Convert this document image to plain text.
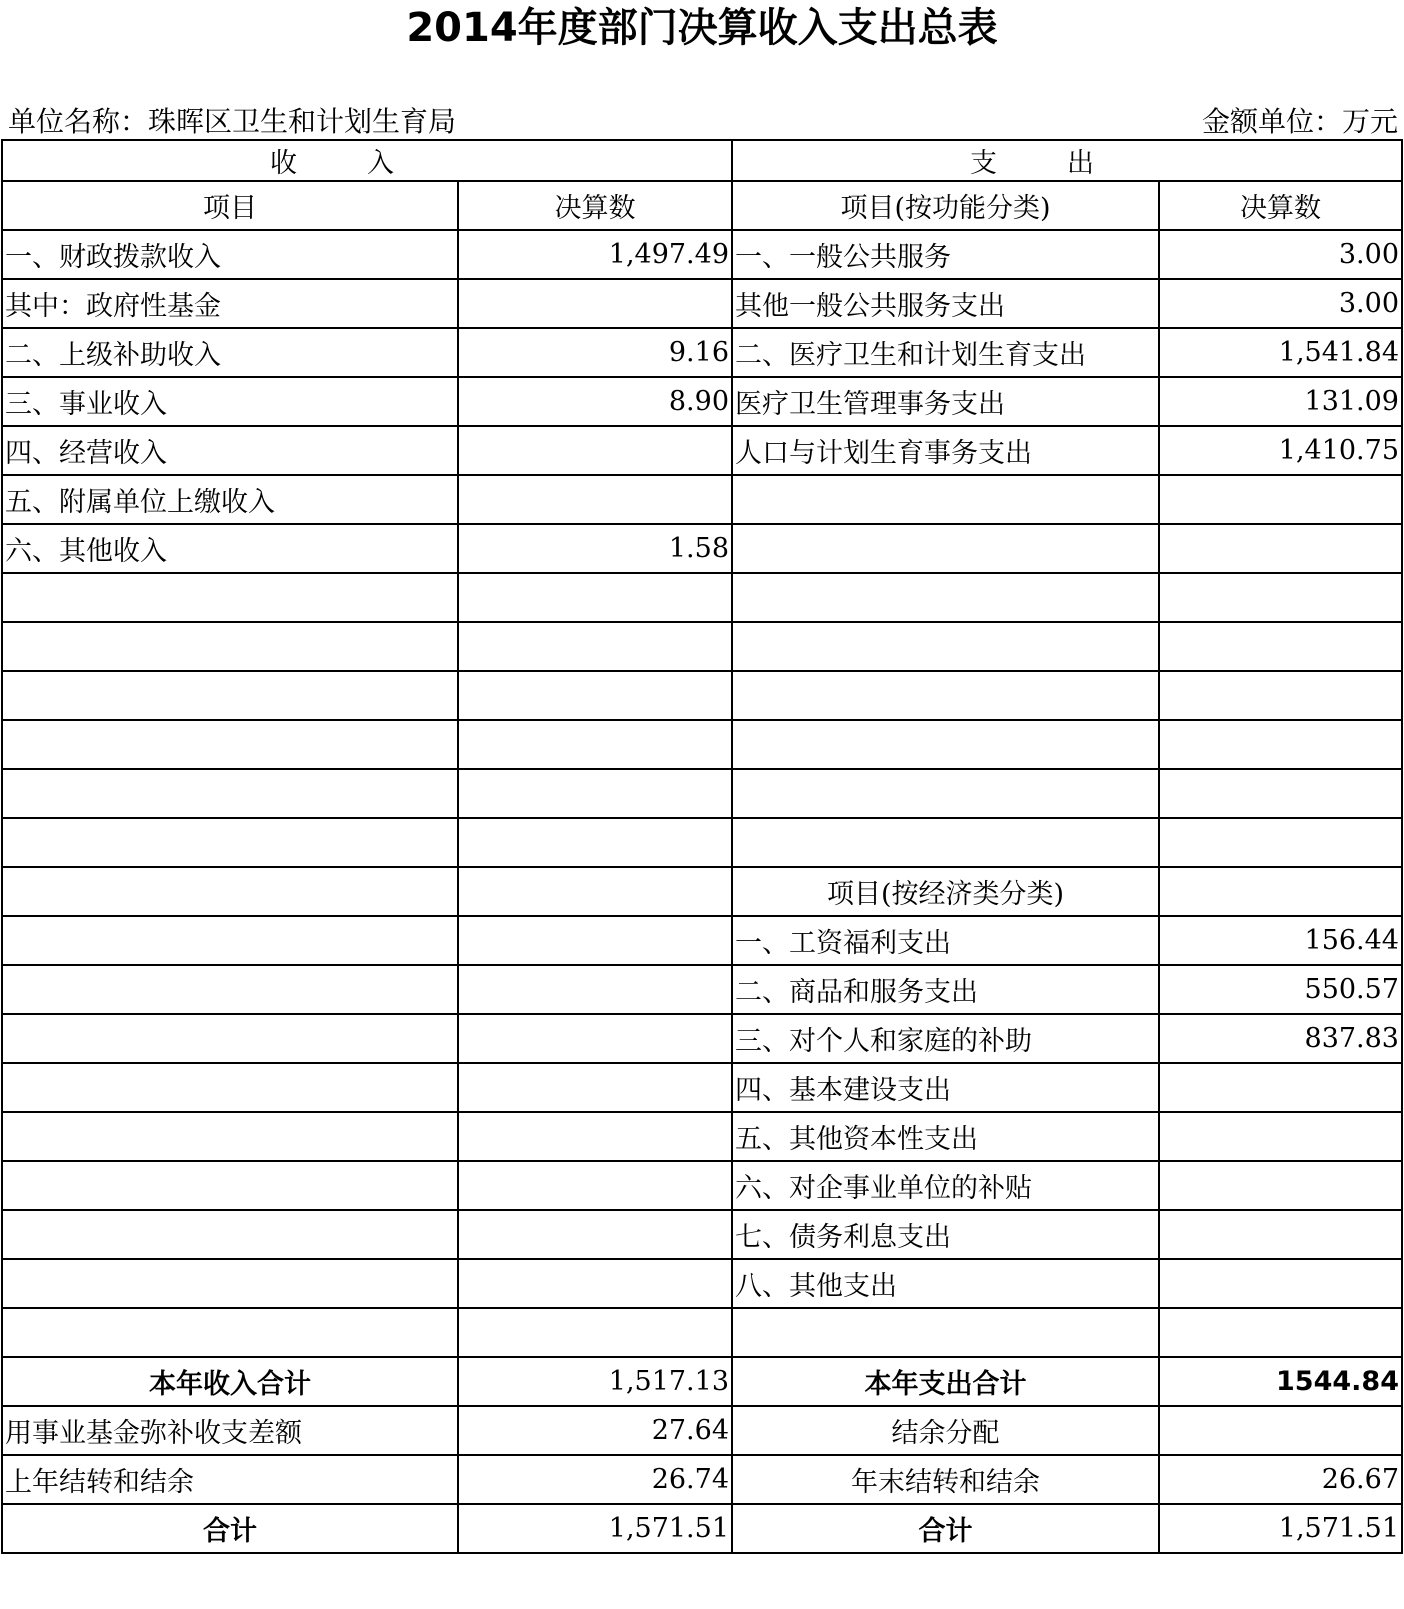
2014年度部门决算收入支出总表
单位名称：珠晖区卫生和计划生育局	金额单位：万元
收入		支出	
项目	决算数	项目(按功能分类)	决算数
一、财政拨款收入	1,497.49	一、一般公共服务	3.00
其中：政府性基金		其他一般公共服务支出	3.00
二、上级补助收入	9.16	二、医疗卫生和计划生育支出	1,541.84
三、事业收入	8.90	医疗卫生管理事务支出	131.09
四、经营收入		人口与计划生育事务支出	1,410.75
五、附属单位上缴收入			
六、其他收入	1.58		

		项目(按经济类分类)	
		一、工资福利支出	156.44
		二、商品和服务支出	550.57
		三、对个人和家庭的补助	837.83
		四、基本建设支出	
		五、其他资本性支出	
		六、对企事业单位的补贴	
		七、债务利息支出	
		八、其他支出	

本年收入合计	1,517.13	本年支出合计	1544.84
用事业基金弥补收支差额	27.64	结余分配	
上年结转和结余	26.74	年末结转和结余	26.67
合计	1,571.51	合计	1,571.51
